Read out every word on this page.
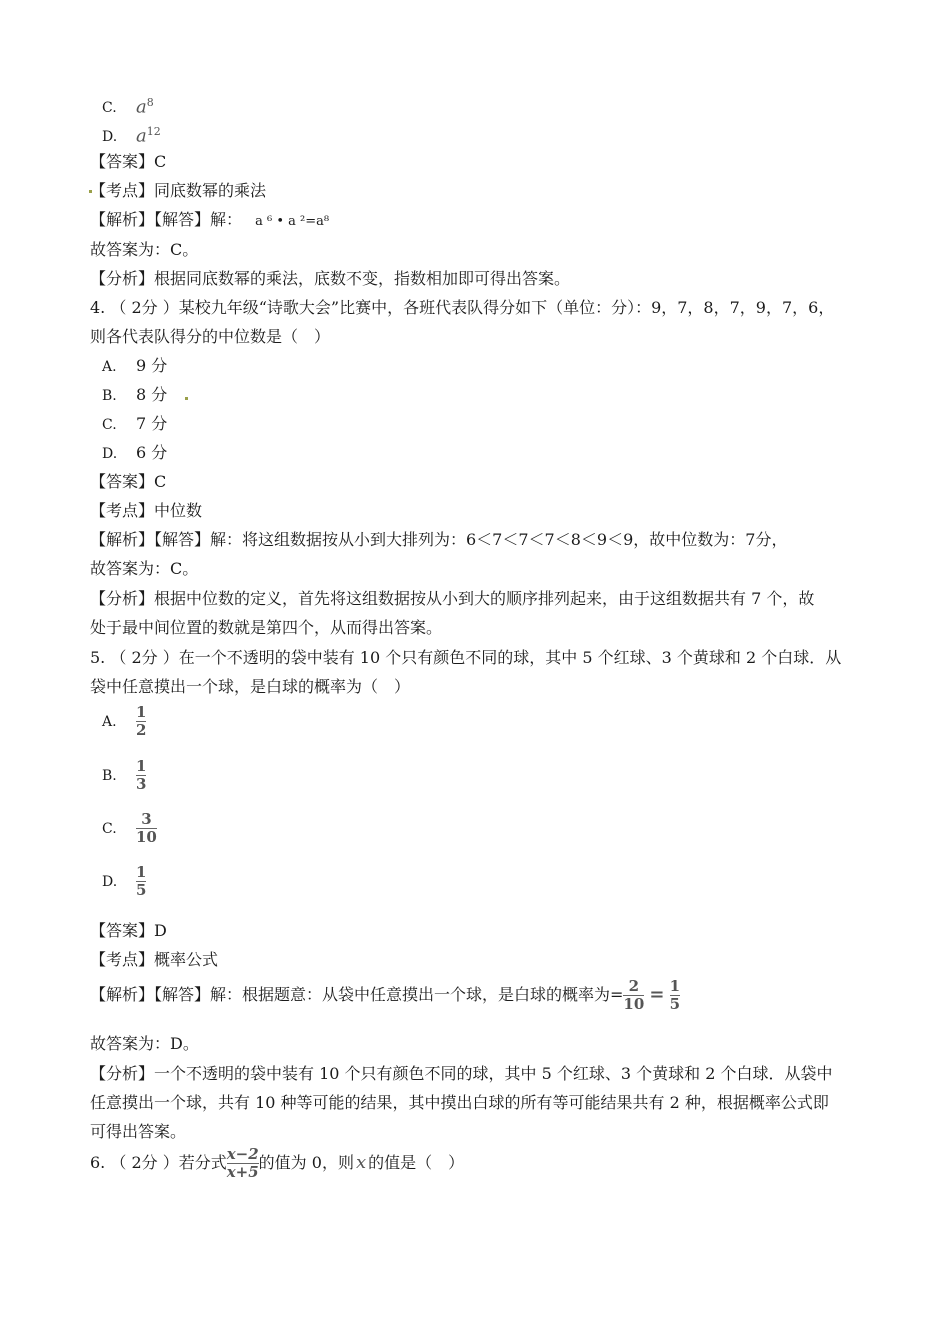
C. $a^8$
D. $a^{12}$
【答案】C
【考点】同底数幂的乘法
【解析】【解答】解： a ⁶ • a ²=a⁸
故答案为：C。
【分析】根据同底数幂的乘法，底数不变，指数相加即可得出答案。
4. （ 2分 ）某校九年级“诗歌大会”比赛中，各班代表队得分如下（单位：分）：9，7，8，7，9，7，6，
则各代表队得分的中位数是（　）
A. 9 分
B. 8 分
C. 7 分
D. 6 分
【答案】C
【考点】中位数
【解析】【解答】解：将这组数据按从小到大排列为：6＜7＜7＜7＜8＜9＜9，故中位数为：7分，
故答案为：C。
【分析】根据中位数的定义，首先将这组数据按从小到大的顺序排列起来，由于这组数据共有 7 个，故
处于最中间位置的数就是第四个，从而得出答案。
5. （ 2分 ）在一个不透明的袋中装有 10 个只有颜色不同的球，其中 5 个红球、3 个黄球和 2 个白球．从
袋中任意摸出一个球，是白球的概率为（　）
A. $\frac{1}{2}$
B. $\frac{1}{3}$
C. $\frac{3}{10}$
D. $\frac{1}{5}$
【答案】D
【考点】概率公式
【解析】【解答】解：根据题意：从袋中任意摸出一个球，是白球的概率为= $\frac{2}{10} = \frac{1}{5}$
故答案为：D。
【分析】一个不透明的袋中装有 10 个只有颜色不同的球，其中 5 个红球、3 个黄球和 2 个白球．从袋中
任意摸出一个球，共有 10 种等可能的结果，其中摸出白球的所有等可能结果共有 2 种，根据概率公式即
可得出答案。
6. （ 2分 ）若分式 $\frac{x-2}{x+5}$ 的值为 0，则 x 的值是（　）
